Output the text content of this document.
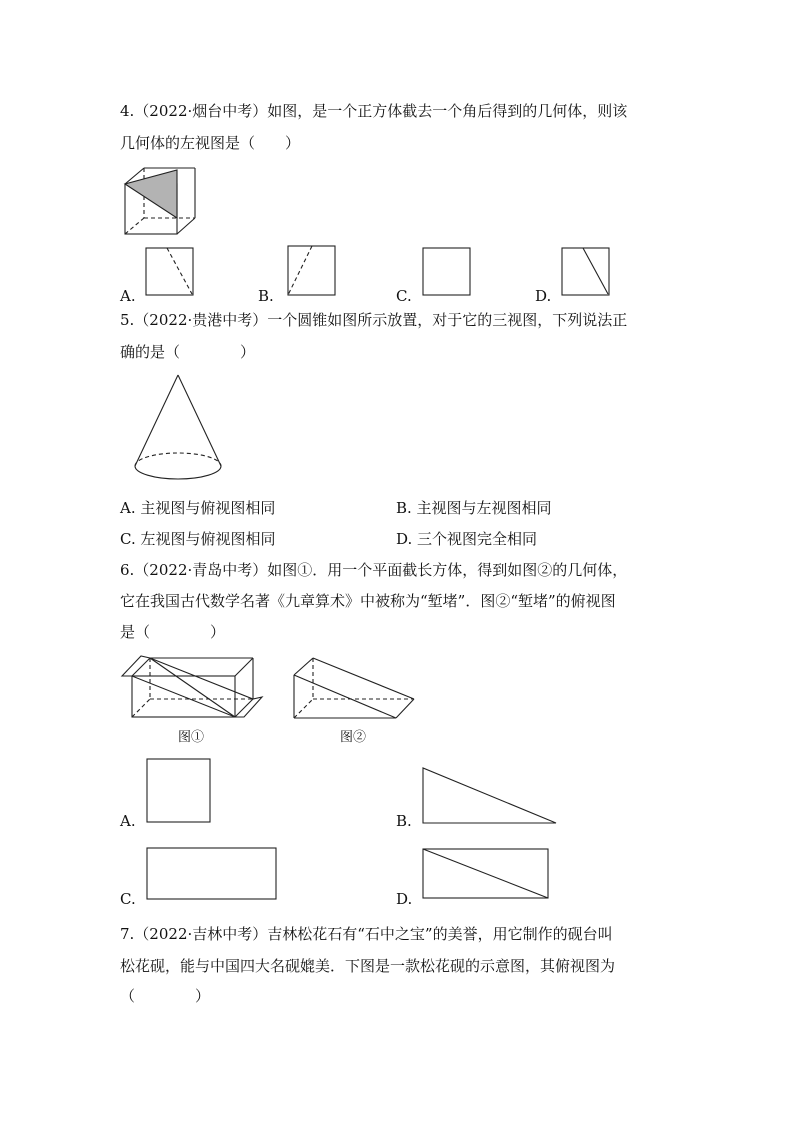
4.（2022·烟台中考）如图，是一个正方体截去一个角后得到的几何体，则该
几何体的左视图是（　　）
A.	B.	C.	D.
5.（2022·贵港中考）一个圆锥如图所示放置，对于它的三视图，下列说法正
确的是（　　　　）
A. 主视图与俯视图相同	B. 主视图与左视图相同
C. 左视图与俯视图相同	D. 三个视图完全相同
6.（2022·青岛中考）如图①．用一个平面截长方体，得到如图②的几何体，
它在我国古代数学名著《九章算术》中被称为“堑堵”．图②“堑堵”的俯视图
是（　　　　）
图①	图②
A.	B.
C.	D.
7.（2022·吉林中考）吉林松花石有“石中之宝”的美誉，用它制作的砚台叫
松花砚，能与中国四大名砚媲美．下图是一款松花砚的示意图，其俯视图为
（　　　　）
